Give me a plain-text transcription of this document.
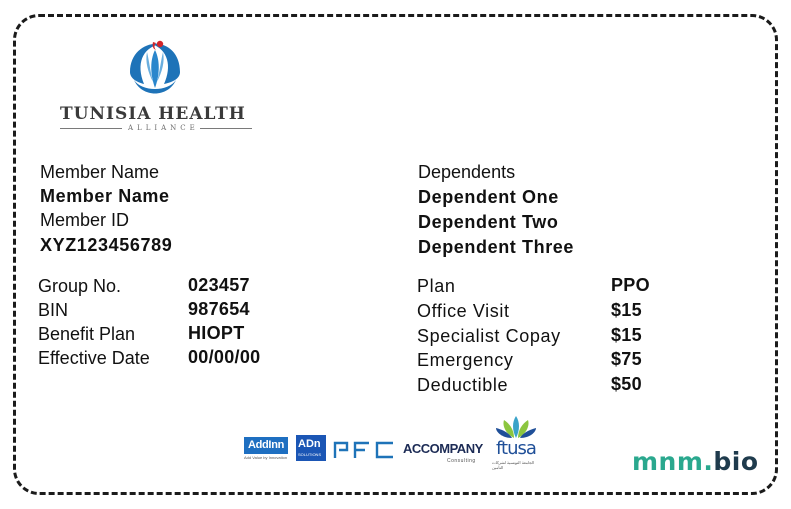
TUNISIA HEALTH
ALLIANCE
Member Name
Member Name
Member ID
XYZ123456789
Dependents
Dependent One
Dependent Two
Dependent Three
Group No.	023457
BIN	987654
Benefit Plan	HIOPT
Effective Date 00/00/00
Plan	PPO
Office Visit	$15
Specialist Copay	$15
Emergency	$75
Deductible	$50
AddInn
Add Value by Innovation
ADn
SOLUTIONS	ACCOMPANY
Consulting
ftusa
الجامعة التونسية لشركات التأمين	mnm.bio
